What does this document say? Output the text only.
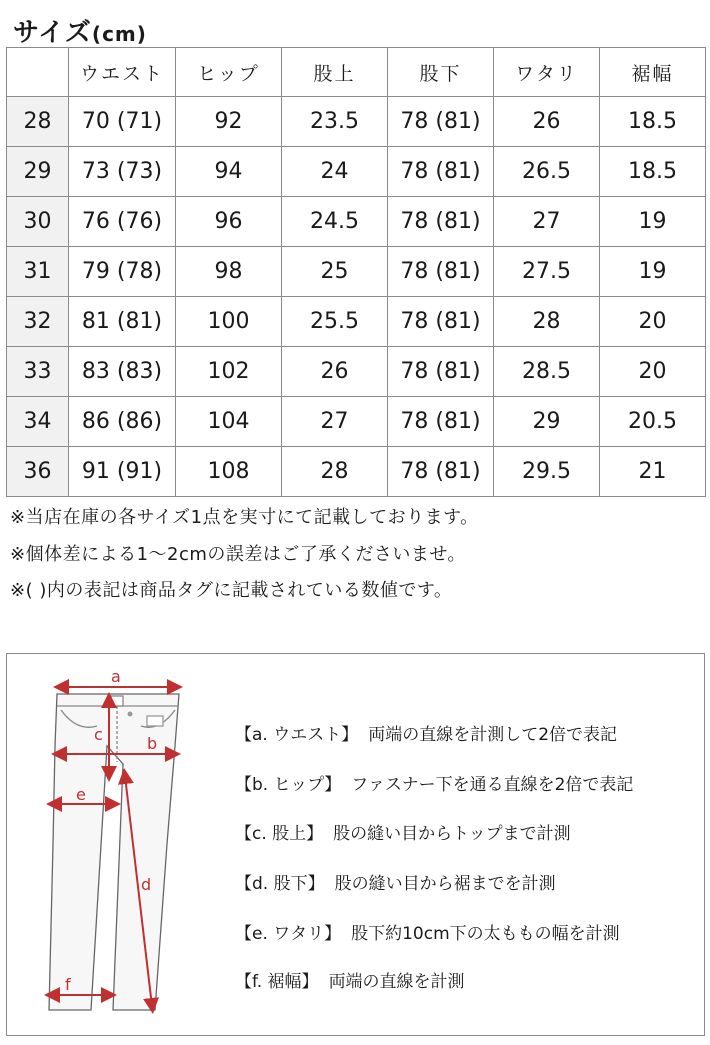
サイズ(cm)
	ウエスト	ヒップ	股上	股下	ワタリ	裾幅
28	70 (71)	92	23.5	78 (81)	26	18.5
29	73 (73)	94	24	78 (81)	26.5	18.5
30	76 (76)	96	24.5	78 (81)	27	19
31	79 (78)	98	25	78 (81)	27.5	19
32	81 (81)	100	25.5	78 (81)	28	20
33	83 (83)	102	26	78 (81)	28.5	20
34	86 (86)	104	27	78 (81)	29	20.5
36	91 (91)	108	28	78 (81)	29.5	21
※当店在庫の各サイズ1点を実寸にて記載しております。
※個体差による1〜2cmの誤差はご了承くださいませ。
※( )内の表記は商品タグに記載されている数値です。
a
b
c
d
e
f
【a. ウエスト】 両端の直線を計測して2倍で表記
【b. ヒップ】 ファスナー下を通る直線を2倍で表記
【c. 股上】 股の縫い目からトップまで計測
【d. 股下】 股の縫い目から裾までを計測
【e. ワタリ】 股下約10cm下の太ももの幅を計測
【f. 裾幅】 両端の直線を計測
